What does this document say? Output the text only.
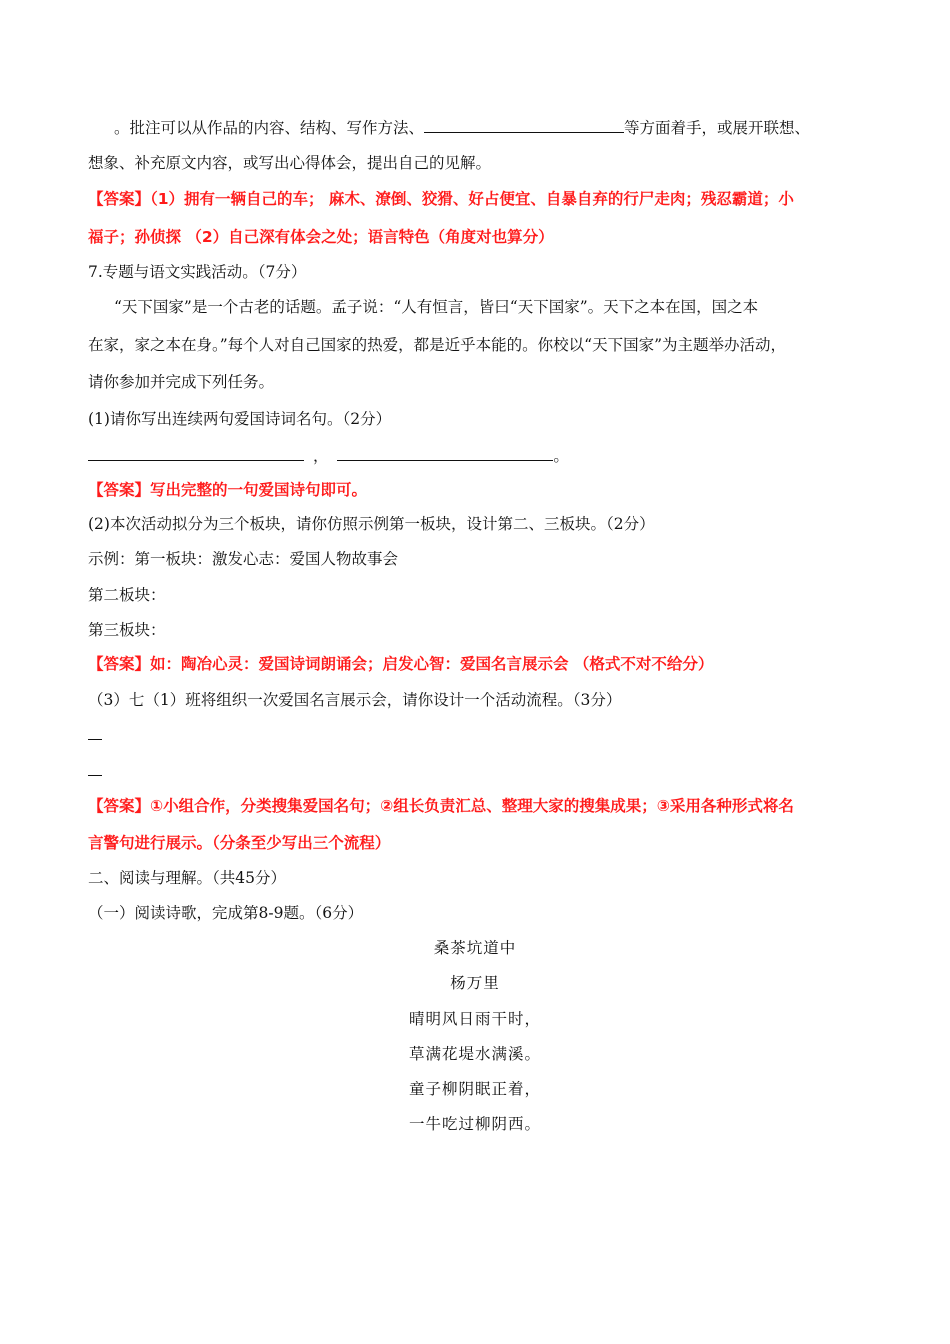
。批注可以从作品的内容、结构、写作方法、	等方面着手，或展开联想、
想象、补充原文内容，或写出心得体会，提出自己的见解。
【答案】（1）拥有一辆自己的车； 麻木、潦倒、狡猾、好占便宜、自暴自弃的行尸走肉；残忍霸道；小
福子；孙侦探 （2）自己深有体会之处；语言特色（角度对也算分）
7.专题与语文实践活动。（7分）
“天下国家”是一个古老的话题。孟子说：“人有恒言，皆曰“天下国家”。天下之本在国，国之本
在家，家之本在身。”每个人对自己国家的热爱，都是近乎本能的。你校以“天下国家”为主题举办活动，
请你参加并完成下列任务。
(1)请你写出连续两句爱国诗词名句。（2分）
，	。
【答案】写出完整的一句爱国诗句即可。
(2)本次活动拟分为三个板块，请你仿照示例第一板块，设计第二、三板块。（2分）
示例：第一板块：激发心志：爱国人物故事会
第二板块：
第三板块：
【答案】如：陶冶心灵：爱国诗词朗诵会；启发心智：爱国名言展示会 （格式不对不给分）
（3）七（1）班将组织一次爱国名言展示会，请你设计一个活动流程。（3分）
【答案】①小组合作，分类搜集爱国名句；②组长负责汇总、整理大家的搜集成果；③采用各种形式将名
言警句进行展示。（分条至少写出三个流程）
二、阅读与理解。（共45分）
（一）阅读诗歌，完成第8-9题。（6分）
桑茶坑道中
杨万里
晴明风日雨干时，
草满花堤水满溪。
童子柳阴眠正着，
一牛吃过柳阴西。
